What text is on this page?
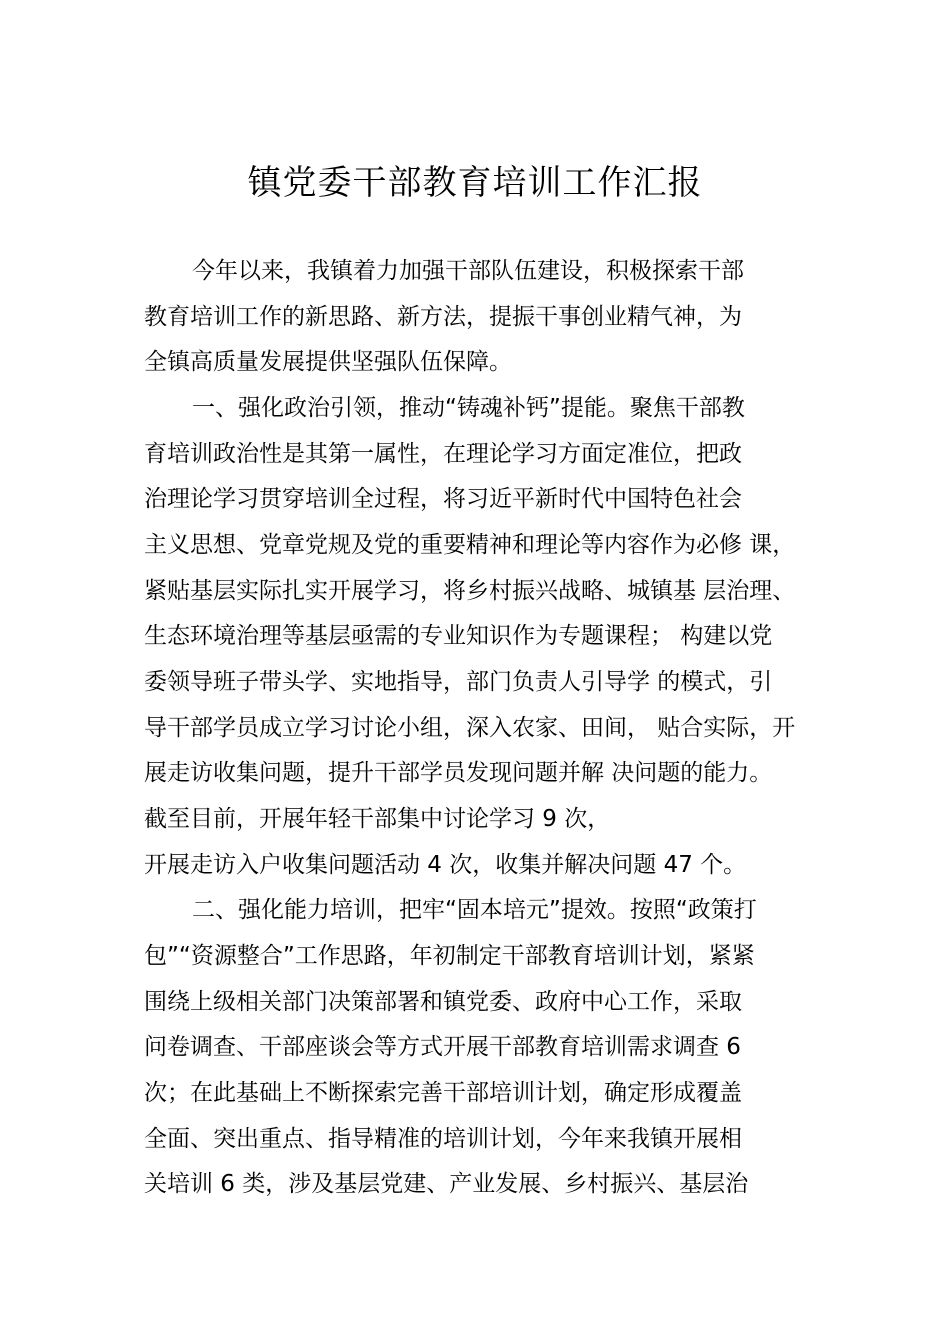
镇党委干部教育培训工作汇报
今年以来，我镇着力加强干部队伍建设，积极探索干部
教育培训工作的新思路、新方法，提振干事创业精气神，为
全镇高质量发展提供坚强队伍保障。
一、强化政治引领，推动“铸魂补钙”提能。聚焦干部教
育培训政治性是其第一属性，在理论学习方面定准位，把政
治理论学习贯穿培训全过程，将习近平新时代中国特色社会
主义思想、党章党规及党的重要精神和理论等内容作为必修 课，
紧贴基层实际扎实开展学习，将乡村振兴战略、城镇基 层治理、
生态环境治理等基层亟需的专业知识作为专题课程； 构建以党
委领导班子带头学、实地指导，部门负责人引导学 的模式，引
导干部学员成立学习讨论小组，深入农家、田间， 贴合实际，开
展走访收集问题，提升干部学员发现问题并解 决问题的能力。
截至目前，开展年轻干部集中讨论学习 9 次，
开展走访入户收集问题活动 4 次，收集并解决问题 47 个。
二、强化能力培训，把牢“固本培元”提效。按照“政策打
包”“资源整合”工作思路，年初制定干部教育培训计划，紧紧
围绕上级相关部门决策部署和镇党委、政府中心工作，采取
问卷调查、干部座谈会等方式开展干部教育培训需求调查 6
次；在此基础上不断探索完善干部培训计划，确定形成覆盖
全面、突出重点、指导精准的培训计划，今年来我镇开展相
关培训 6 类，涉及基层党建、产业发展、乡村振兴、基层治
